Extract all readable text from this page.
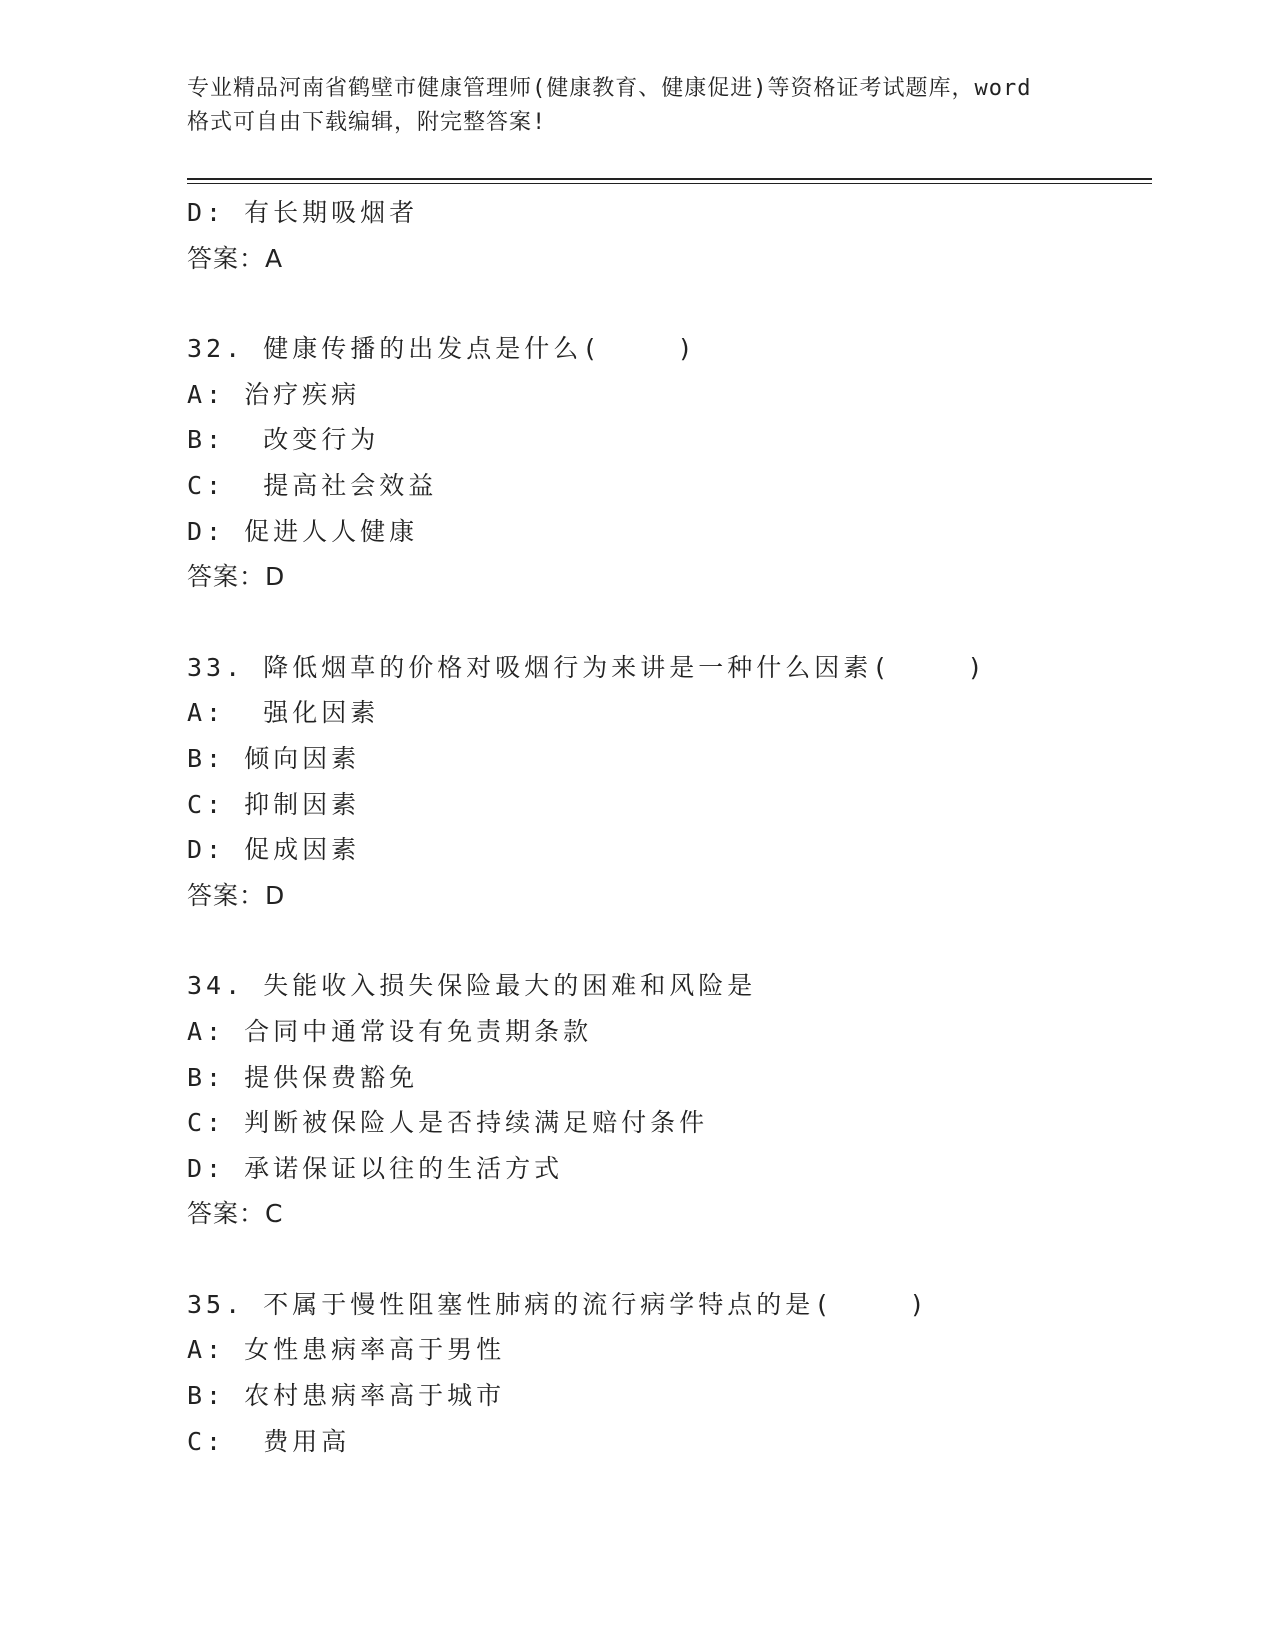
专业精品河南省鹤壁市健康管理师(健康教育、健康促进)等资格证考试题库，word
格式可自由下载编辑，附完整答案!
D: 有长期吸烟者
答案：A
32. 健康传播的出发点是什么(    )
A: 治疗疾病
B:  改变行为
C:  提高社会效益
D: 促进人人健康
答案：D
33. 降低烟草的价格对吸烟行为来讲是一种什么因素(    )
A:  强化因素
B: 倾向因素
C: 抑制因素
D: 促成因素
答案：D
34. 失能收入损失保险最大的困难和风险是
A: 合同中通常设有免责期条款
B: 提供保费豁免
C: 判断被保险人是否持续满足赔付条件
D: 承诺保证以往的生活方式
答案：C
35. 不属于慢性阻塞性肺病的流行病学特点的是(    )
A: 女性患病率高于男性
B: 农村患病率高于城市
C:  费用高
